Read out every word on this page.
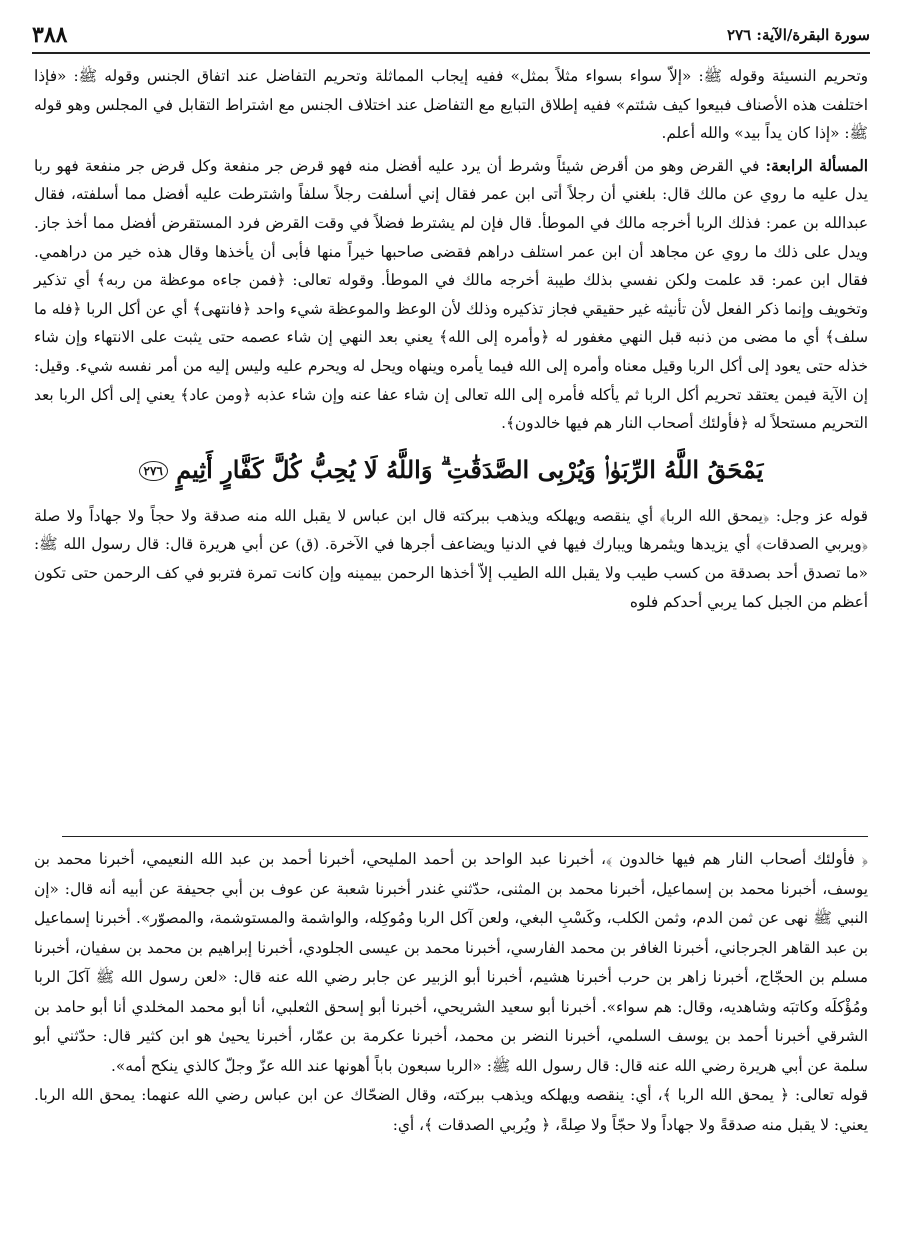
سورة البقرة/الآية: ٢٧٦
٣٨٨

وتحريم النسيئة وقوله ﷺ: «إلاّ سواء بسواء مثلاً بمثل» ففيه إيجاب المماثلة وتحريم التفاضل عند اتفاق الجنس وقوله ﷺ: «فإذا اختلفت هذه الأصناف فبيعوا كيف شئتم» ففيه إطلاق التبايع مع التفاضل عند اختلاف الجنس مع اشتراط التقابل في المجلس وهو قوله ﷺ: «إذا كان يداً بيد» والله أعلم.

المسألة الرابعة: في القرض وهو من أقرض شيئاً وشرط أن يرد عليه أفضل منه فهو قرض جر منفعة وكل قرض جر منفعة فهو ربا يدل عليه ما روي عن مالك قال: بلغني أن رجلاً أتى ابن عمر فقال إني أسلفت رجلاً سلفاً واشترطت عليه أفضل مما أسلفته، فقال عبدالله بن عمر: فذلك الربا أخرجه مالك في الموطأ. قال فإن لم يشترط فضلاً في وقت القرض فرد المستقرض أفضل مما أخذ جاز. ويدل على ذلك ما روي عن مجاهد أن ابن عمر استلف دراهم فقضى صاحبها خيراً منها فأبى أن يأخذها وقال هذه خير من دراهمي. فقال ابن عمر: قد علمت ولكن نفسي بذلك طيبة أخرجه مالك في الموطأ. وقوله تعالى: ﴿فمن جاءه موعظة من ربه﴾ أي تذكير وتخويف وإنما ذكر الفعل لأن تأنيثه غير حقيقي فجاز تذكيره وذلك لأن الوعظ والموعظة شيء واحد ﴿فانتهى﴾ أي عن أكل الربا ﴿فله ما سلف﴾ أي ما مضى من ذنبه قبل النهي مغفور له ﴿وأمره إلى الله﴾ يعني بعد النهي إن شاء عصمه حتى يثبت على الانتهاء وإن شاء خذله حتى يعود إلى أكل الربا وقيل معناه وأمره إلى الله فيما يأمره وينهاه ويحل له ويحرم عليه وليس إليه من أمر نفسه شيء. وقيل: إن الآية فيمن يعتقد تحريم أكل الربا ثم يأكله فأمره إلى الله تعالى إن شاء عفا عنه وإن شاء عذبه ﴿ومن عاد﴾ يعني إلى أكل الربا بعد التحريم مستحلاً له ﴿فأولئك أصحاب النار هم فيها خالدون﴾.

يَمْحَقُ اللَّهُ الرِّبَوٰا۟ وَيُرْبِى الصَّدَقَٰتِ ۗ وَاللَّهُ لَا يُحِبُّ كُلَّ كَفَّارٍ أَثِيمٍ ٢٧٦

قوله عز وجل: ﴿يمحق الله الربا﴾ أي ينقصه ويهلكه ويذهب ببركته قال ابن عباس لا يقبل الله منه صدقة ولا حجاً ولا جهاداً ولا صلة ﴿ويربي الصدقات﴾ أي يزيدها ويثمرها ويبارك فيها في الدنيا ويضاعف أجرها في الآخرة. (ق) عن أبي هريرة قال: قال رسول الله ﷺ: «ما تصدق أحد بصدقة من كسب طيب ولا يقبل الله الطيب إلاّ أخذها الرحمن بيمينه وإن كانت تمرة فتربو في كف الرحمن حتى تكون أعظم من الجبل كما يربي أحدكم فلوه

﴿ فأولئك أصحاب النار هم فيها خالدون ﴾، أخبرنا عبد الواحد بن أحمد المليحي، أخبرنا أحمد بن عبد الله النعيمي، أخبرنا محمد بن يوسف، أخبرنا محمد بن إسماعيل، أخبرنا محمد بن المثنى، حدّثني غندر أخبرنا شعبة عن عوف بن أبي جحيفة عن أبيه أنه قال: «إن النبي ﷺ نهى عن ثمن الدم، وثمن الكلب، وكَسْبِ البغي، ولعن آكل الربا ومُوكِله، والواشمة والمستوشمة، والمصوّر». أخبرنا إسماعيل بن عبد القاهر الجرجاني، أخبرنا الغافر بن محمد الفارسي، أخبرنا محمد بن عيسى الجلودي، أخبرنا إبراهيم بن محمد بن سفيان، أخبرنا مسلم بن الحجّاج، أخبرنا زاهر بن حرب أخبرنا هشيم، أخبرنا أبو الزبير عن جابر رضي الله عنه قال: «لعن رسول الله ﷺ آكلَ الربا ومُؤْكلَه وكاتبَه وشاهديه، وقال: هم سواء». أخبرنا أبو سعيد الشريحي، أخبرنا أبو إسحق الثعلبي، أنا أبو محمد المخلدي أنا أبو حامد بن الشرقي أخبرنا أحمد بن يوسف السلمي، أخبرنا النضر بن محمد، أخبرنا عكرمة بن عمّار، أخبرنا يحيىٰ هو ابن كثير قال: حدّثني أبو سلمة عن أبي هريرة رضي الله عنه قال: قال رسول الله ﷺ: «الربا سبعون باباً أهونها عند الله عزّ وجلّ كالذي ينكح أمه».

قوله تعالى: ﴿ يمحق الله الربا ﴾، أي: ينقصه ويهلكه ويذهب ببركته، وقال الضحّاك عن ابن عباس رضي الله عنهما: يمحق الله الربا. يعني: لا يقبل منه صدقةً ولا جهاداً ولا حجّاً ولا صِلةً، ﴿ ويُربي الصدقات ﴾، أي:
